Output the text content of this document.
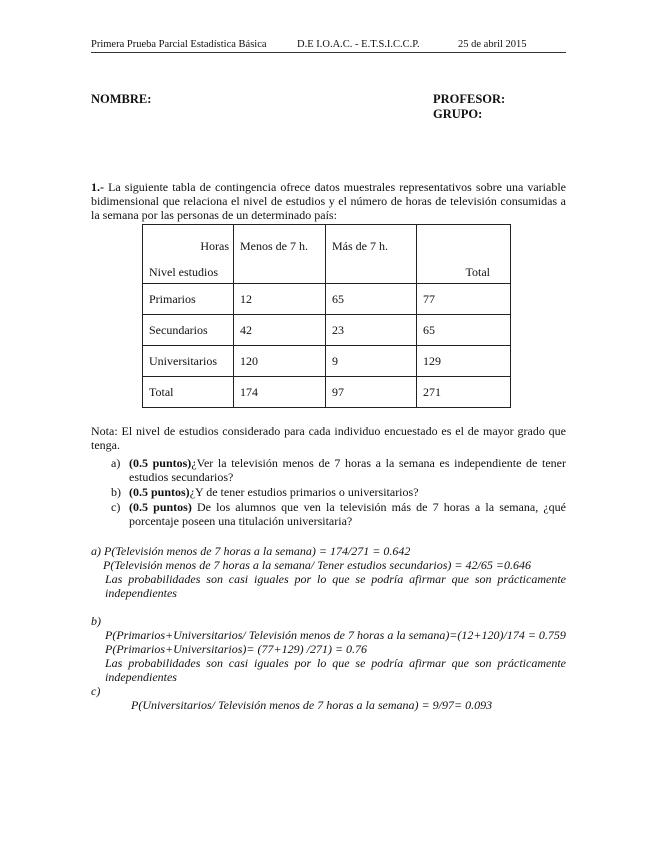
Primera Prueba Parcial Estadística Básica	D.E I.O.A.C. - E.T.S.I.C.C.P.	25 de abril 2015
NOMBRE:	PROFESOR:
GRUPO:
1.- La siguiente tabla de contingencia ofrece datos muestrales representativos sobre una variable bidimensional que relaciona el nivel de estudios y el número de horas de televisión consumidas a la semana por las personas de un determinado país:
Horas
Nivel estudios	Menos de 7 h.	Más de 7 h.	Total

Primarios	12	65	77
Secundarios	42	23	65
Universitarios	120	9	129
Total	174	97	271
Nota: El nivel de estudios considerado para cada individuo encuestado es el de mayor grado que tenga.
a) (0.5 puntos)¿Ver la televisión menos de 7 horas a la semana es independiente de tener estudios secundarios?
b) (0.5 puntos)¿Y de tener estudios primarios o universitarios?
c) (0.5 puntos) De los alumnos que ven la televisión más de 7 horas a la semana, ¿qué porcentaje poseen una titulación universitaria?

a) P(Televisión menos de 7 horas a la semana) = 174/271 = 0.642

P(Televisión menos de 7 horas a la semana/ Tener estudios secundarios) = 42/65 =0.646

Las probabilidades son casi iguales por lo que se podría afirmar que son prácticamente independientes

b)

P(Primarios+Universitarios/ Televisión menos de 7 horas a la semana)=(12+120)/174 = 0.759

P(Primarios+Universitarios)= (77+129) /271) = 0.76

Las probabilidades son casi iguales por lo que se podría afirmar que son prácticamente independientes

c)

P(Universitarios/ Televisión menos de 7 horas a la semana) = 9/97= 0.093
